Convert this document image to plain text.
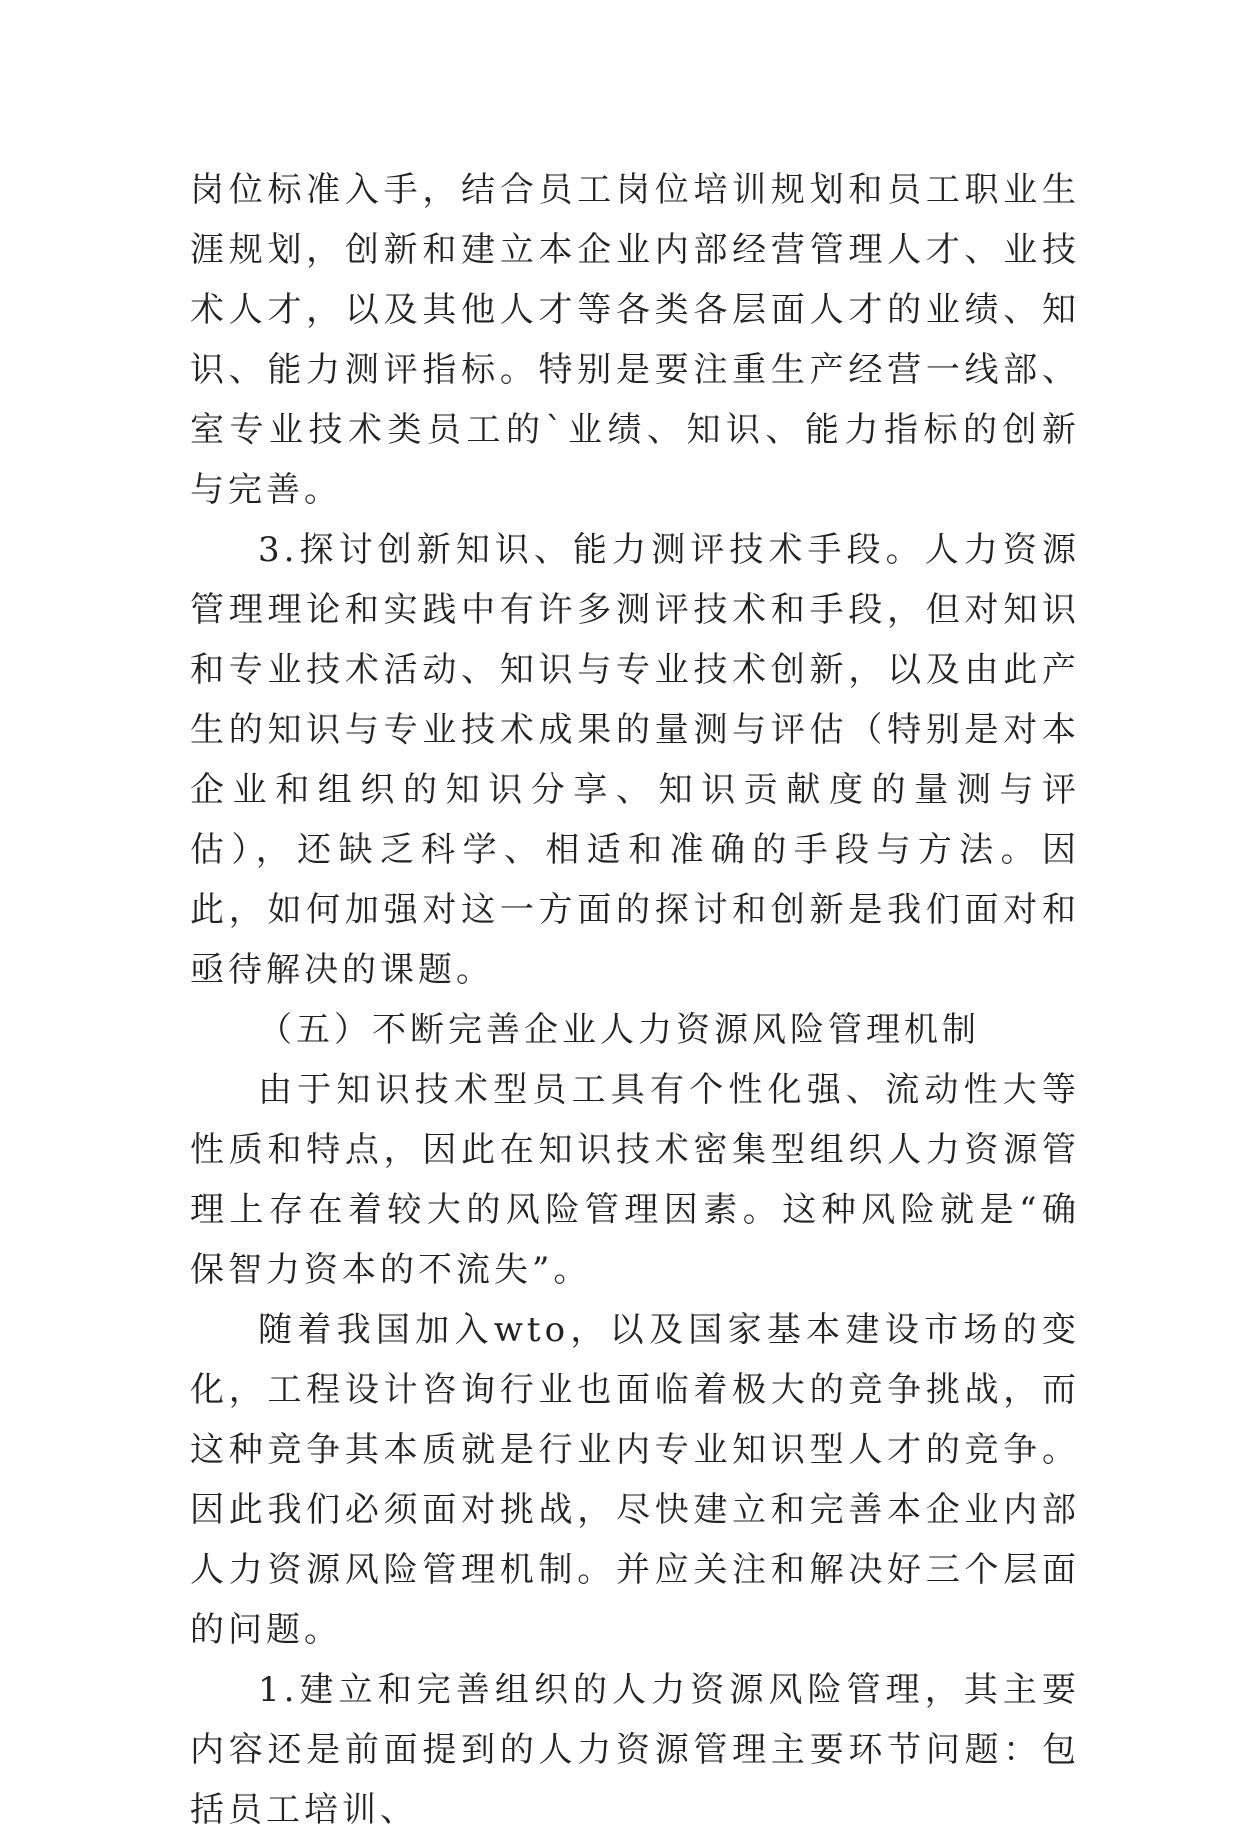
岗位标准入手，结合员工岗位培训规划和员工职业生涯规划，创新和建立本企业内部经营管理人才、业技术人才，以及其他人才等各类各层面人才的业绩、知识、能力测评指标。特别是要注重生产经营一线部、室专业技术类员工的`业绩、知识、能力指标的创新与完善。

3.探讨创新知识、能力测评技术手段。人力资源管理理论和实践中有许多测评技术和手段，但对知识和专业技术活动、知识与专业技术创新，以及由此产生的知识与专业技术成果的量测与评估（特别是对本企业和组织的知识分享、知识贡献度的量测与评估），还缺乏科学、相适和准确的手段与方法。因此，如何加强对这一方面的探讨和创新是我们面对和亟待解决的课题。

（五）不断完善企业人力资源风险管理机制

由于知识技术型员工具有个性化强、流动性大等性质和特点，因此在知识技术密集型组织人力资源管理上存在着较大的风险管理因素。这种风险就是“确保智力资本的不流失”。

随着我国加入wto，以及国家基本建设市场的变化，工程设计咨询行业也面临着极大的竞争挑战，而这种竞争其本质就是行业内专业知识型人才的竞争。因此我们必须面对挑战，尽快建立和完善本企业内部人力资源风险管理机制。并应关注和解决好三个层面的问题。

1.建立和完善组织的人力资源风险管理，其主要内容还是前面提到的人力资源管理主要环节问题：包括员工培训、
